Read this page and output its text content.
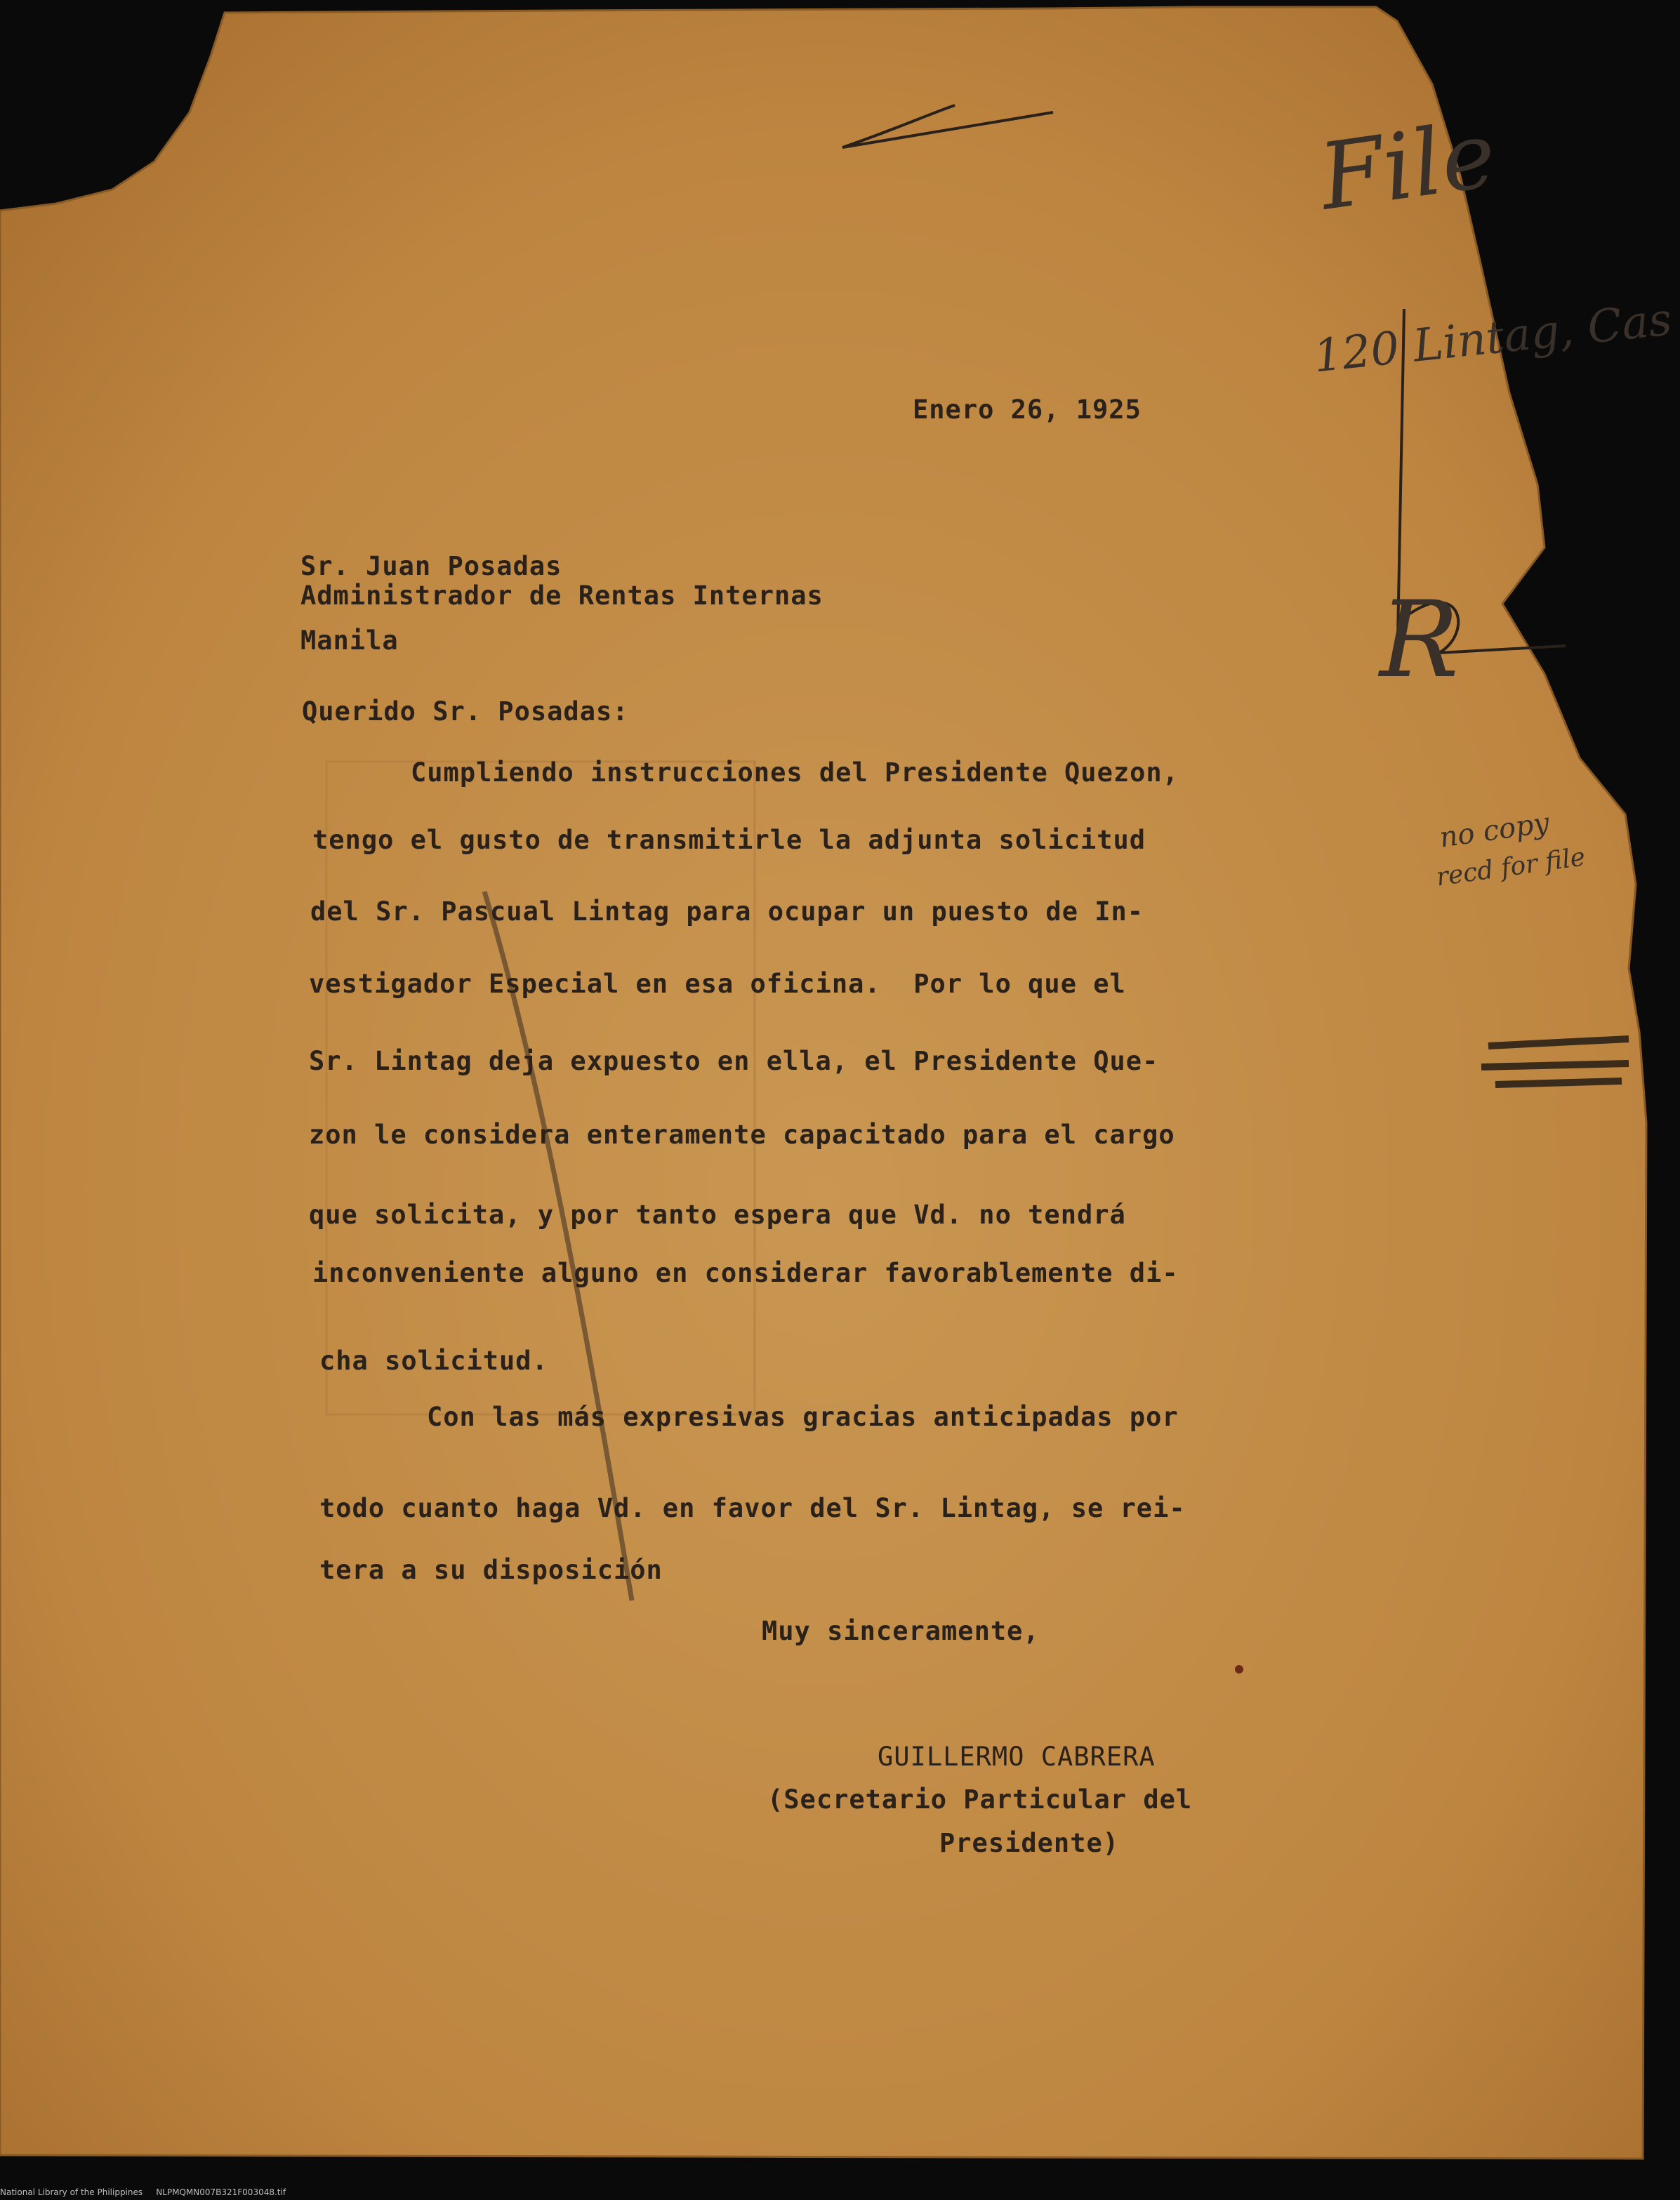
File
120 Lintag, Cas
no copy
recd for file
R
Enero 26, 1925
Sr. Juan Posadas
Administrador de Rentas Internas
Manila
Querido Sr. Posadas:
Cumpliendo instrucciones del Presidente Quezon,
tengo el gusto de transmitirle la adjunta solicitud
del Sr. Pascual Lintag para ocupar un puesto de In-
vestigador Especial en esa oficina.  Por lo que el
Sr. Lintag deja expuesto en ella, el Presidente Que-
zon le considera enteramente capacitado para el cargo
que solicita, y por tanto espera que Vd. no tendrá
inconveniente alguno en considerar favorablemente di-
cha solicitud.
Con las más expresivas gracias anticipadas por
todo cuanto haga Vd. en favor del Sr. Lintag, se rei-
tera a su disposición
Muy sinceramente,
GUILLERMO CABRERA
(Secretario Particular del
Presidente)
National Library of the Philippines     NLPMQMN007B321F003048.tif
